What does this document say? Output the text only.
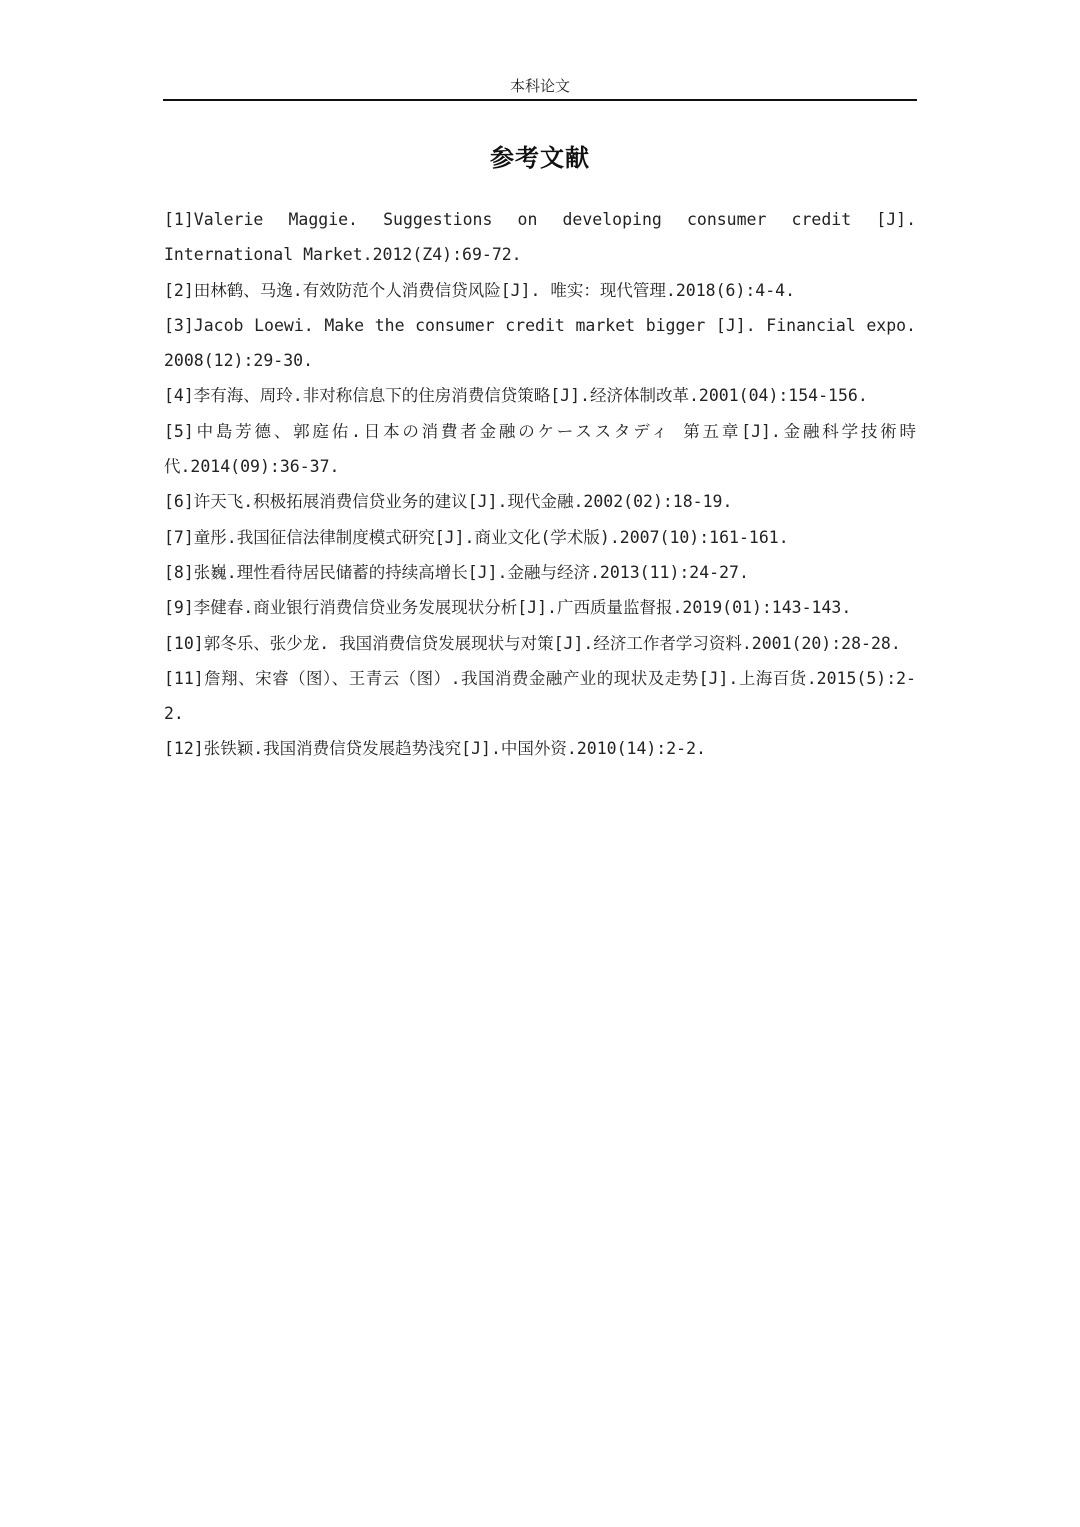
本科论文
参考文献
[1]Valerie Maggie. Suggestions on developing consumer credit [J]. International Market.2012(Z4):69-72.
[2]田林鹤、马逸.有效防范个人消费信贷风险[J]. 唯实：现代管理.2018(6):4-4.
[3]Jacob Loewi. Make the consumer credit market bigger [J]. Financial expo. 2008(12):29-30.
[4]李有海、周玲.非对称信息下的住房消费信贷策略[J].经济体制改革.2001(04):154-156.
[5]中島芳德、郭庭佑.日本の消費者金融のケーススタディ 第五章[J].金融科学技術時代.2014(09):36-37.
[6]许天飞.积极拓展消费信贷业务的建议[J].现代金融.2002(02):18-19.
[7]童彤.我国征信法律制度模式研究[J].商业文化(学术版).2007(10):161-161.
[8]张巍.理性看待居民储蓄的持续高增长[J].金融与经济.2013(11):24-27.
[9]李健春.商业银行消费信贷业务发展现状分析[J].广西质量监督报.2019(01):143-143.
[10]郭冬乐、张少龙. 我国消费信贷发展现状与对策[J].经济工作者学习资料.2001(20):28-28.
[11]詹翔、宋睿（图）、王青云（图）.我国消费金融产业的现状及走势[J].上海百货.2015(5):2-2.
[12]张铁颖.我国消费信贷发展趋势浅究[J].中国外资.2010(14):2-2.
